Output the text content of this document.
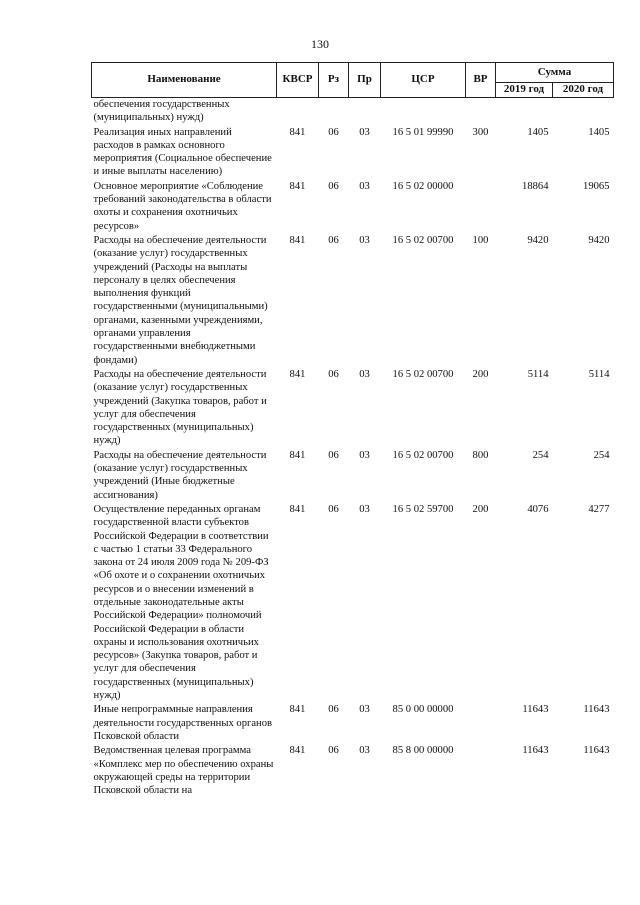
130
Наименование	КВСР	Рз	Пр	ЦСР	ВР	Сумма	
						2019 год	2020 год
обеспечения государственных (муниципальных) нужд)							
Реализация иных направлений расходов в рамках основного мероприятия (Социальное обеспечение и иные выплаты населению)	841	06	03	16 5 01 99990	300	1405	1405
Основное мероприятие «Соблюдение требований законодательства в области охоты и сохранения охотничьих ресурсов»	841	06	03	16 5 02 00000		18864	19065
Расходы на обеспечение деятельности (оказание услуг) государственных учреждений (Расходы на выплаты персоналу в целях обеспечения выполнения функций государственными (муниципальными) органами, казенными учреждениями, органами управления государственными внебюджетными фондами)	841	06	03	16 5 02 00700	100	9420	9420
Расходы на обеспечение деятельности (оказание услуг) государственных учреждений (Закупка товаров, работ и услуг для обеспечения государственных (муниципальных) нужд)	841	06	03	16 5 02 00700	200	5114	5114
Расходы на обеспечение деятельности (оказание услуг) государственных учреждений (Иные бюджетные ассигнования)	841	06	03	16 5 02 00700	800	254	254
Осуществление переданных органам государственной власти субъектов Российской Федерации в соответствии с частью 1 статьи 33 Федерального закона от 24 июля 2009 года № 209-ФЗ «Об охоте и о сохранении охотничьих ресурсов и о внесении изменений в отдельные законодательные акты Российской Федерации» полномочий Российской Федерации в области охраны и использования охотничьих ресурсов» (Закупка товаров, работ и услуг для обеспечения государственных (муниципальных) нужд)	841	06	03	16 5 02 59700	200	4076	4277
Иные непрограммные направления деятельности государственных органов Псковской области	841	06	03	85 0 00 00000		11643	11643
Ведомственная целевая программа «Комплекс мер по обеспечению охраны окружающей среды на территории Псковской области на	841	06	03	85 8 00 00000		11643	11643
